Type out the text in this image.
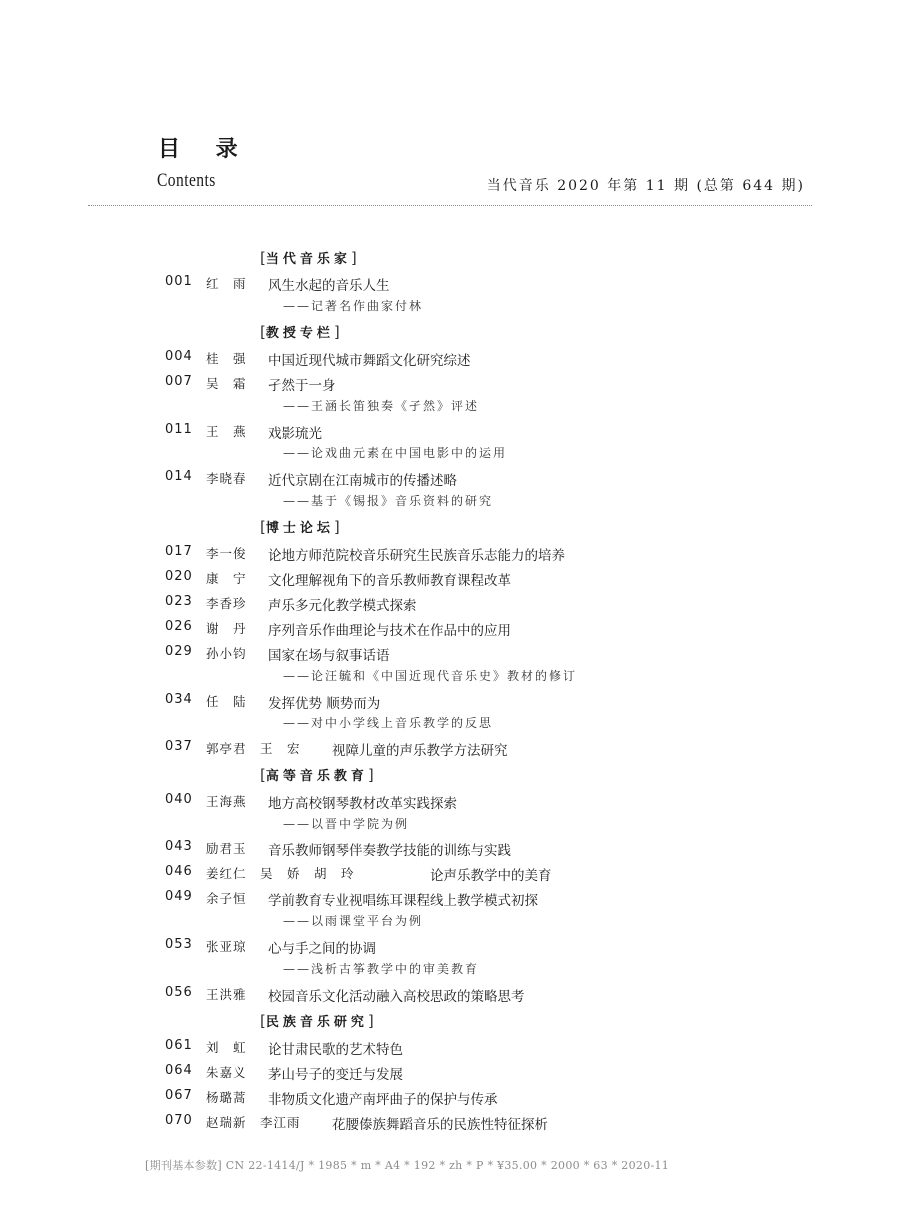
目 录
Contents	当代音乐 2020 年第 11 期 (总第 644 期)
[当代音乐家]
[教授专栏]
[博士论坛]
[高等音乐教育]
[民族音乐研究]
001 红　雨 风生水起的音乐人生
——记著名作曲家付林
004 桂　强 中国近现代城市舞蹈文化研究综述
007 吴　霜 孑然于一身
——王涵长笛独奏《孑然》评述
011 王　燕 戏影琉光
——论戏曲元素在中国电影中的运用
014 李晓春 近代京剧在江南城市的传播述略
——基于《锡报》音乐资料的研究
017 李一俊 论地方师范院校音乐研究生民族音乐志能力的培养
020 康　宁 文化理解视角下的音乐教师教育课程改革
023 李香珍 声乐多元化教学模式探索
026 谢　丹 序列音乐作曲理论与技术在作品中的应用
029 孙小钧 国家在场与叙事话语
——论汪毓和《中国近现代音乐史》教材的修订
034 任　陆 发挥优势 顺势而为
——对中小学线上音乐教学的反思
037 郭亭君　王　宏 视障儿童的声乐教学方法研究
040 王海燕 地方高校钢琴教材改革实践探索
——以晋中学院为例
043 励君玉 音乐教师钢琴伴奏教学技能的训练与实践
046 姜红仁　吴　娇　胡　玲	论声乐教学中的美育
049 余子恒 学前教育专业视唱练耳课程线上教学模式初探
——以雨课堂平台为例
053 张亚琼 心与手之间的协调
——浅析古筝教学中的审美教育
056 王洪雅 校园音乐文化活动融入高校思政的策略思考
061 刘　虹 论甘肃民歌的艺术特色
064 朱嘉义 茅山号子的变迁与发展
067 杨璐蒿 非物质文化遗产南坪曲子的保护与传承
070 赵瑞新　李江雨 花腰傣族舞蹈音乐的民族性特征探析
[期刊基本参数] CN 22-1414/J * 1985 * m * A4 * 192 * zh * P * ¥35.00 * 2000 * 63 * 2020-11
